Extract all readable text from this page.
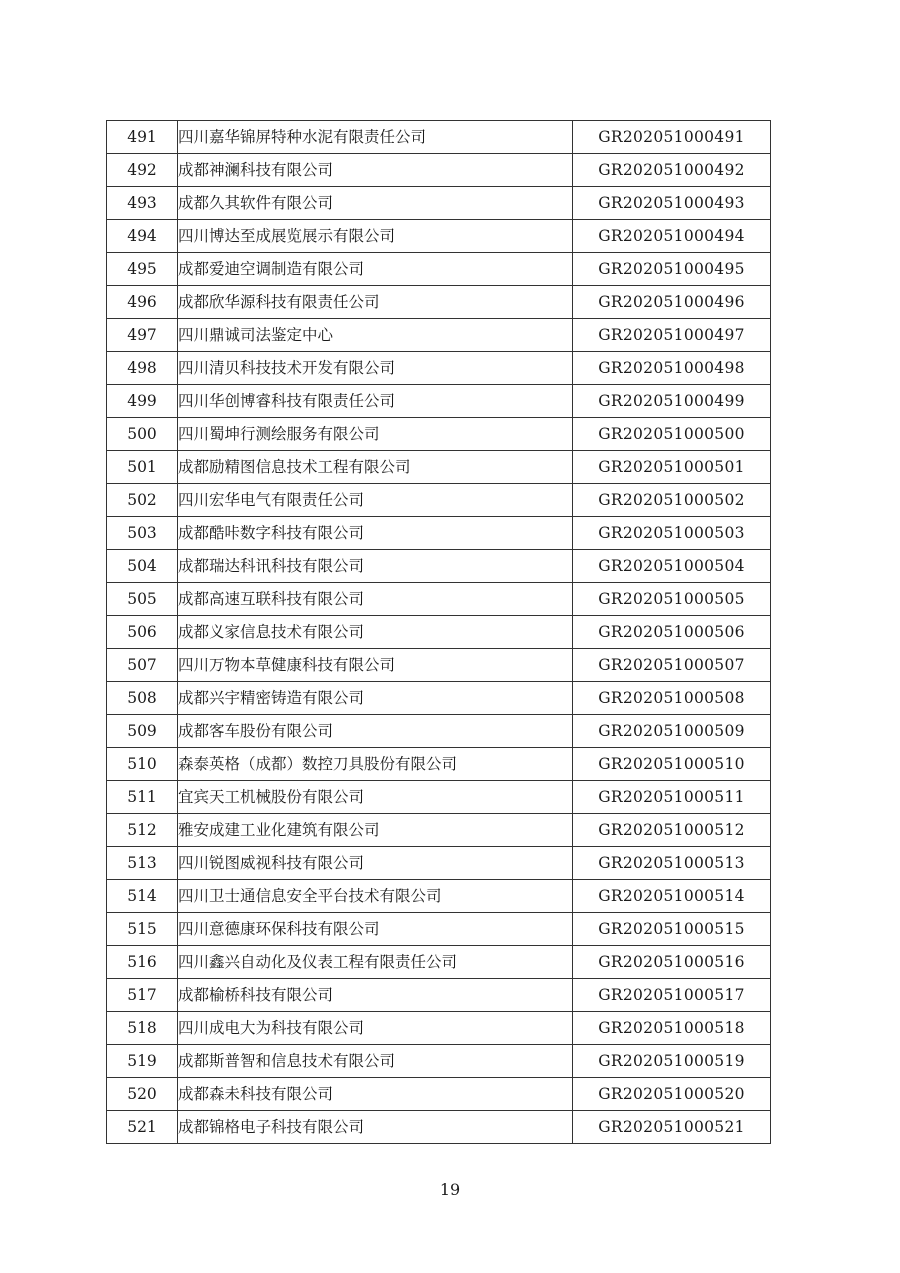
491	四川嘉华锦屏特种水泥有限责任公司	GR202051000491
492	成都神澜科技有限公司	GR202051000492
493	成都久其软件有限公司	GR202051000493
494	四川博达至成展览展示有限公司	GR202051000494
495	成都爱迪空调制造有限公司	GR202051000495
496	成都欣华源科技有限责任公司	GR202051000496
497	四川鼎诚司法鉴定中心	GR202051000497
498	四川清贝科技技术开发有限公司	GR202051000498
499	四川华创博睿科技有限责任公司	GR202051000499
500	四川蜀坤行测绘服务有限公司	GR202051000500
501	成都励精图信息技术工程有限公司	GR202051000501
502	四川宏华电气有限责任公司	GR202051000502
503	成都酷咔数字科技有限公司	GR202051000503
504	成都瑞达科讯科技有限公司	GR202051000504
505	成都高速互联科技有限公司	GR202051000505
506	成都义家信息技术有限公司	GR202051000506
507	四川万物本草健康科技有限公司	GR202051000507
508	成都兴宇精密铸造有限公司	GR202051000508
509	成都客车股份有限公司	GR202051000509
510	森泰英格（成都）数控刀具股份有限公司	GR202051000510
511	宜宾天工机械股份有限公司	GR202051000511
512	雅安成建工业化建筑有限公司	GR202051000512
513	四川锐图威视科技有限公司	GR202051000513
514	四川卫士通信息安全平台技术有限公司	GR202051000514
515	四川意德康环保科技有限公司	GR202051000515
516	四川鑫兴自动化及仪表工程有限责任公司	GR202051000516
517	成都榆桥科技有限公司	GR202051000517
518	四川成电大为科技有限公司	GR202051000518
519	成都斯普智和信息技术有限公司	GR202051000519
520	成都森未科技有限公司	GR202051000520
521	成都锦格电子科技有限公司	GR202051000521
19
